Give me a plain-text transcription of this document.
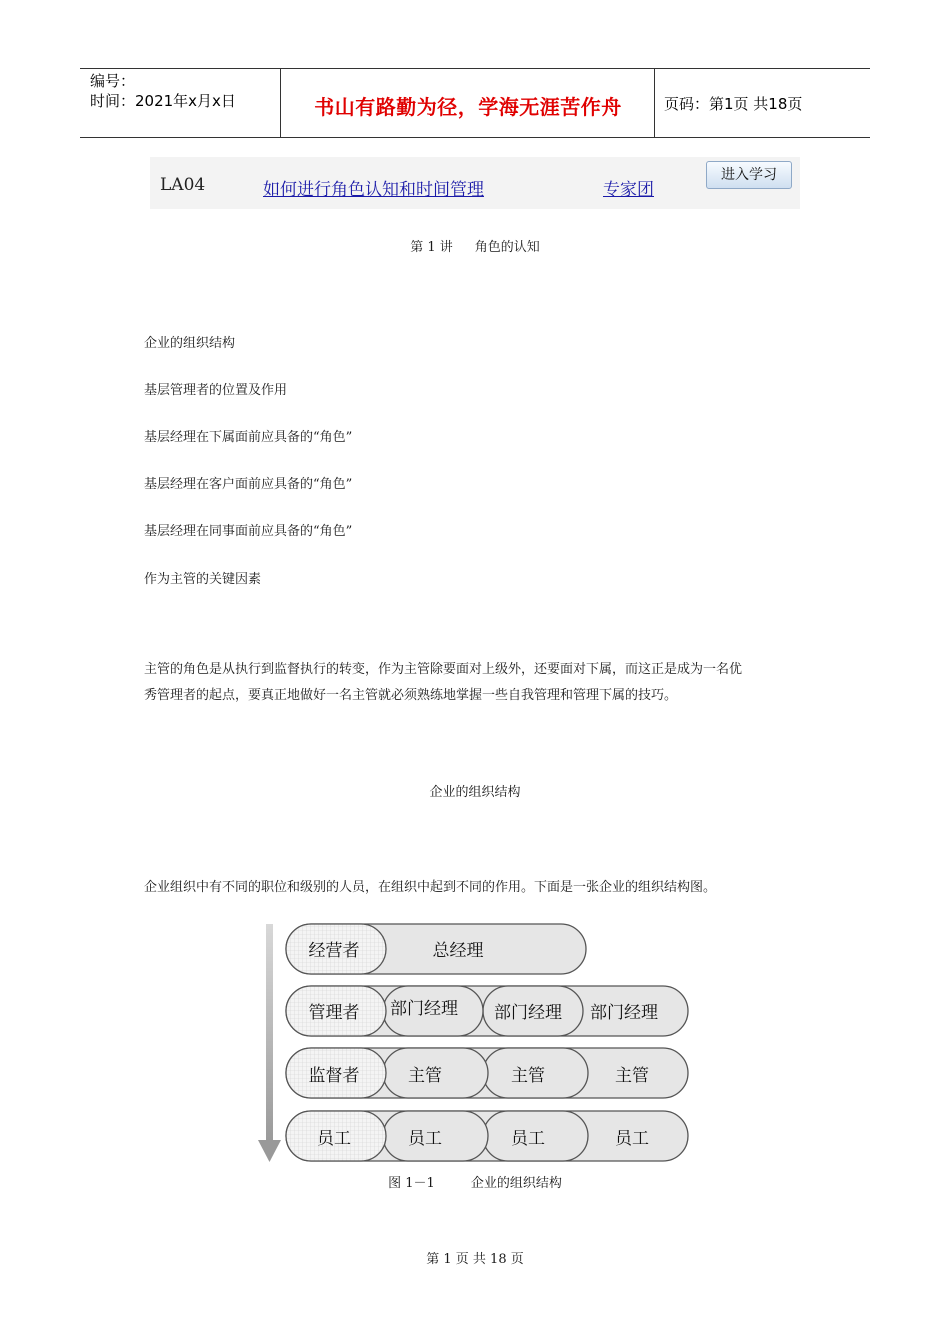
编号：
时间：2021年x月x日	书山有路勤为径，学海无涯苦作舟	页码：第1页 共18页
LA04	如何进行角色认知和时间管理	专家团
进入学习
第 1 讲 角色的认知
企业的组织结构
基层管理者的位置及作用
基层经理在下属面前应具备的“角色”
基层经理在客户面前应具备的“角色”
基层经理在同事面前应具备的“角色”
作为主管的关键因素
主管的角色是从执行到监督执行的转变，作为主管除要面对上级外，还要面对下属，而这正是成为一名优
秀管理者的起点，要真正地做好一名主管就必须熟练地掌握一些自我管理和管理下属的技巧。
企业的组织结构
企业组织中有不同的职位和级别的人员，在组织中起到不同的作用。下面是一张企业的组织结构图。
经营者	总经理
管理者	部门经理	部门经理	部门经理
监督者	主管	主管	主管
员工	员工	员工	员工
图 1－1	企业的组织结构
第 1 页 共 18 页
